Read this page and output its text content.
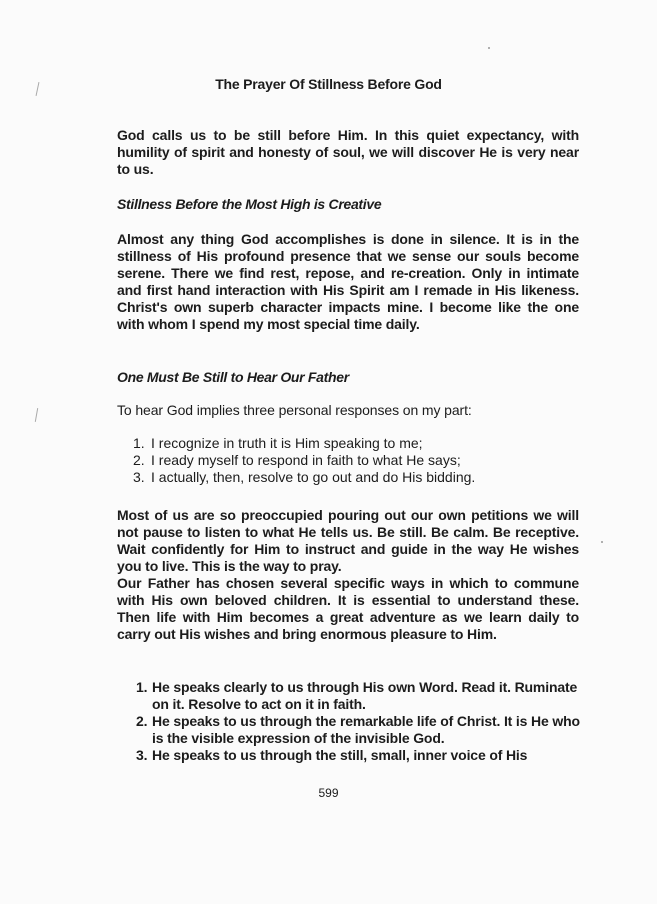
The Prayer Of Stillness Before God
God calls us to be still before Him. In this quiet expectancy, with humility of spirit and honesty of soul, we will discover He is very near to us.
Stillness Before the Most High is Creative
Almost any thing God accomplishes is done in silence. It is in the stillness of His profound presence that we sense our souls become serene. There we find rest, repose, and re-creation. Only in intimate and first hand interaction with His Spirit am I remade in His likeness. Christ's own superb character impacts mine. I become like the one with whom I spend my most special time daily.
One Must Be Still to Hear Our Father
To hear God implies three personal responses on my part:
1. I recognize in truth it is Him speaking to me;
2. I ready myself to respond in faith to what He says;
3. I actually, then, resolve to go out and do His bidding.
Most of us are so preoccupied pouring out our own petitions we will not pause to listen to what He tells us. Be still. Be calm. Be receptive. Wait confidently for Him to instruct and guide in the way He wishes you to live. This is the way to pray.
Our Father has chosen several specific ways in which to commune with His own beloved children. It is essential to understand these. Then life with Him becomes a great adventure as we learn daily to carry out His wishes and bring enormous pleasure to Him.
1. He speaks clearly to us through His own Word. Read it. Ruminate on it. Resolve to act on it in faith.
2. He speaks to us through the remarkable life of Christ. It is He who is the visible expression of the invisible God.
3. He speaks to us through the still, small, inner voice of His
599
